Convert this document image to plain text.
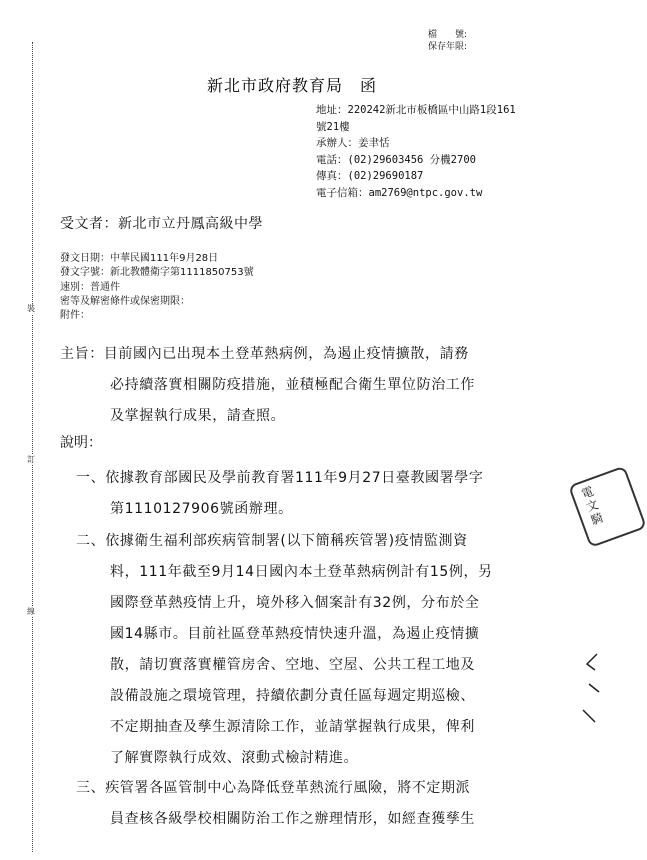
裝
訂
線
檔　　號:
保存年限:
新北市政府教育局　函
地址：220242新北市板橋區中山路1段161
號21樓
承辦人：姜聿恬
電話：(02)29603456 分機2700
傳真：(02)29690187
電子信箱：am2769@ntpc.gov.tw
受文者：新北市立丹鳳高級中學
發文日期：中華民國111年9月28日
發文字號：新北教體衛字第1111850753號
速別：普通件
密等及解密條件或保密期限：
附件：
主旨：目前國內已出現本土登革熱病例，為遏止疫情擴散，請務
必持續落實相關防疫措施，並積極配合衛生單位防治工作
及掌握執行成果，請查照。
說明：
一、依據教育部國民及學前教育署111年9月27日臺教國署學字
第1110127906號函辦理。
二、依據衛生福利部疾病管制署(以下簡稱疾管署)疫情監測資
料，111年截至9月14日國內本土登革熱病例計有15例，另
國際登革熱疫情上升，境外移入個案計有32例，分布於全
國14縣市。目前社區登革熱疫情快速升溫，為遏止疫情擴
散，請切實落實權管房舍、空地、空屋、公共工程工地及
設備設施之環境管理，持續依劃分責任區每週定期巡檢、
不定期抽查及孳生源清除工作，並請掌握執行成果，俾利
了解實際執行成效、滾動式檢討精進。
三、疾管署各區管制中心為降低登革熱流行風險，將不定期派
員查核各級學校相關防治工作之辦理情形，如經查獲孳生
電
文
騎
